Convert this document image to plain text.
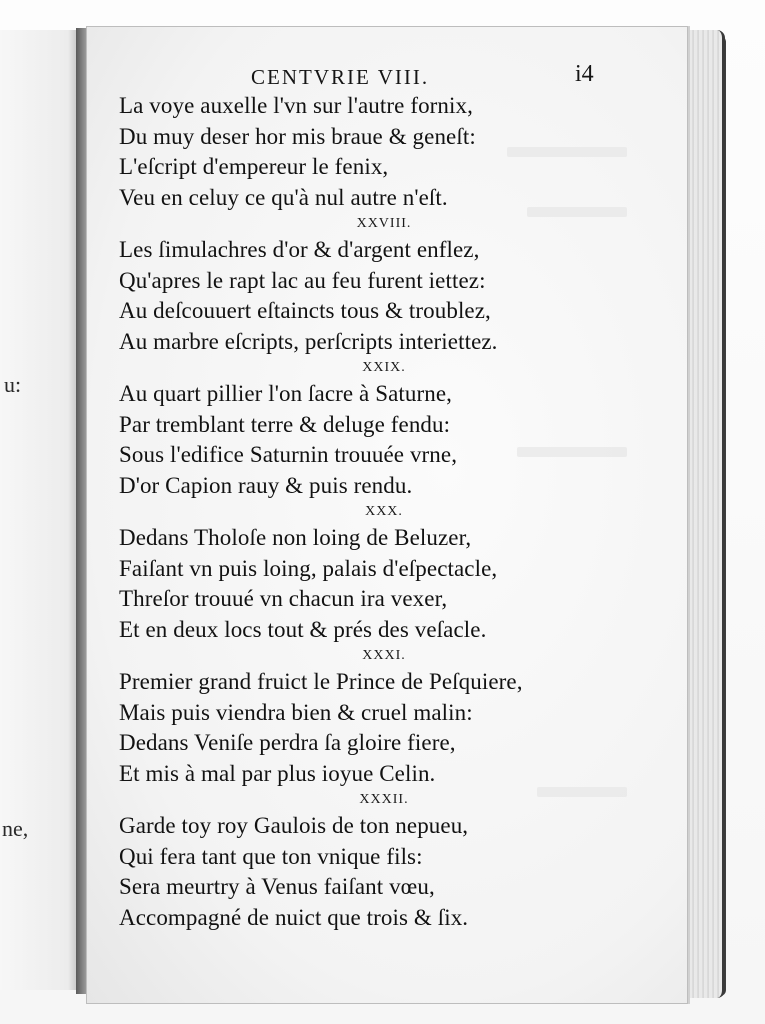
u:
ne,
CENTVRIE VIII.	i4
La voye auxelle l'vn sur l'autre fornix,
Du muy deser hor mis braue & geneſt:
L'eſcript d'empereur le fenix,
Veu en celuy ce qu'à nul autre n'eſt.
XXVIII.
Les ſimulachres d'or & d'argent enflez,
Qu'apres le rapt lac au feu furent iettez:
Au deſcouuert eſtaincts tous & troublez,
Au marbre eſcripts, perſcripts interiettez.
XXIX.
Au quart pillier l'on ſacre à Saturne,
Par tremblant terre & deluge fendu:
Sous l'edifice Saturnin trouuée vrne,
D'or Capion rauy & puis rendu.
XXX.
Dedans Tholoſe non loing de Beluzer,
Faiſant vn puis loing, palais d'eſpectacle,
Threſor trouué vn chacun ira vexer,
Et en deux locs tout & prés des veſacle.
XXXI.
Premier grand fruict le Prince de Peſquiere,
Mais puis viendra bien & cruel malin:
Dedans Veniſe perdra ſa gloire fiere,
Et mis à mal par plus ioyue Celin.
XXXII.
Garde toy roy Gaulois de ton nepueu,
Qui fera tant que ton vnique fils:
Sera meurtry à Venus faiſant vœu,
Accompagné de nuict que trois & ſix.
